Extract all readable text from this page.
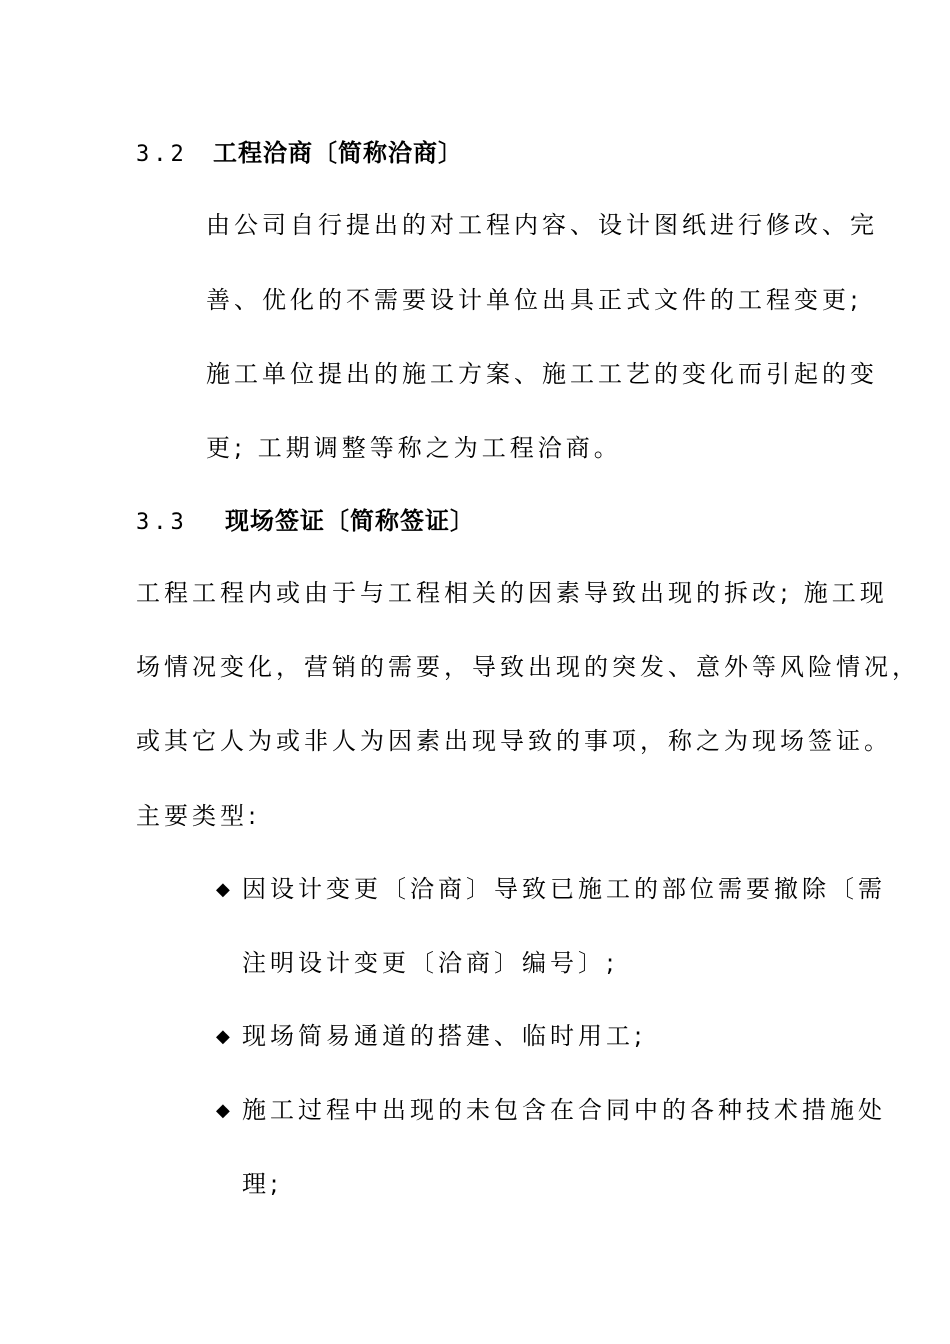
3.2 工程洽商〔简称洽商〕
由公司自行提出的对工程内容、设计图纸进行修改、完
善、优化的不需要设计单位出具正式文件的工程变更;
施工单位提出的施工方案、施工工艺的变化而引起的变
更; 工期调整等称之为工程洽商。
3.3 现场签证〔简称签证〕
工程工程内或由于与工程相关的因素导致出现的拆改; 施工现
场情况变化，营销的需要，导致出现的突发、意外等风险情况，
或其它人为或非人为因素出现导致的事项，称之为现场签证。
主要类型:
◆ 因设计变更〔洽商〕导致已施工的部位需要撤除〔需
注明设计变更〔洽商〕编号〕;
◆ 现场简易通道的搭建、临时用工;
◆ 施工过程中出现的未包含在合同中的各种技术措施处
理;
